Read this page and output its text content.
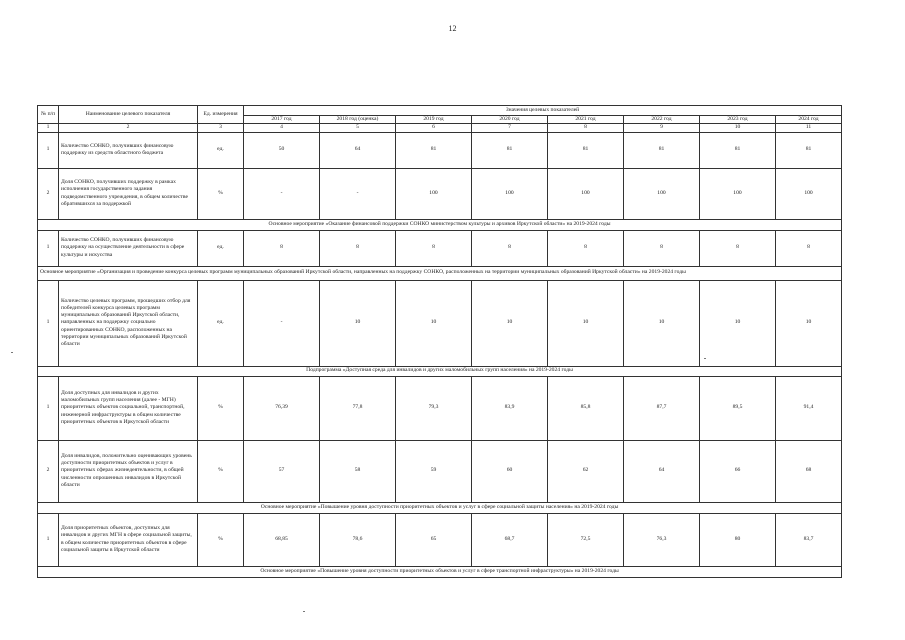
12
№ п/п	Наименование целевого показателя	Ед. измерения	Значения целевых показателей							
			2017 год	2018 год (оценка)	2019 год	2020 год	2021 год	2022 год	2023 год	2024 год
1	2	3	4	5	6	7	8	9	10	11
1	Количество СОНКО, получивших финансовую поддержку из средств областного бюджета	ед.	50	64	81	81	81	81	81	81
2	Доля СОНКО, получивших поддержку в рамках исполнения государственного задания подведомственного учреждения, в общем количестве обратившихся за поддержкой	%	-	-	100	100	100	100	100	100
Основное мероприятие «Оказание финансовой поддержки СОНКО министерством культуры и архивов Иркутской области» на 2019-2024 годы										
1	Количество СОНКО, получивших финансовую поддержку на осуществление деятельности в сфере культуры и искусства	ед.	8	8	8	8	8	8	8	8
Основное мероприятие «Организация и проведение конкурса целевых программ муниципальных образований Иркутской области, направленных на поддержку СОНКО, расположенных на территории муниципальных образований Иркутской области» на 2019-2024 годы										
1	Количество целевых программ, прошедших отбор для победителей конкурса целевых программ муниципальных образований Иркутской области, направленных на поддержку социально ориентированных СОНКО, расположенных на территории муниципальных образований Иркутской области	ед.	-	10	10	10	10	10	10	10
Подпрограмма «Доступная среда для инвалидов и других маломобильных групп населения» на 2019-2024 годы										
1	Доля доступных для инвалидов и других маломобильных групп населения (далее - МГН) приоритетных объектов социальной, транспортной, инженерной инфраструктуры в общем количестве приоритетных объектов в Иркутской области	%	76,39	77,8	79,3	83,9	85,8	87,7	89,5	91,4
2	Доля инвалидов, положительно оценивающих уровень доступности приоритетных объектов и услуг в приоритетных сферах жизнедеятельности, в общей численности опрошенных инвалидов в Иркутской области	%	57	58	59	60	62	64	66	68
Основное мероприятие «Повышение уровня доступности приоритетных объектов и услуг в сфере социальной защиты населения» на 2019-2024 годы										
1	Доля приоритетных объектов, доступных для инвалидов и других МГН в сфере социальной защиты, в общем количестве приоритетных объектов в сфере социальной защиты в Иркутской области	%	68,85	78,6	65	68,7	72,5	76,3	80	83,7
Основное мероприятие «Повышение уровня доступности приоритетных объектов и услуг в сфере транспортной инфраструктуры» на 2019-2024 годы										
